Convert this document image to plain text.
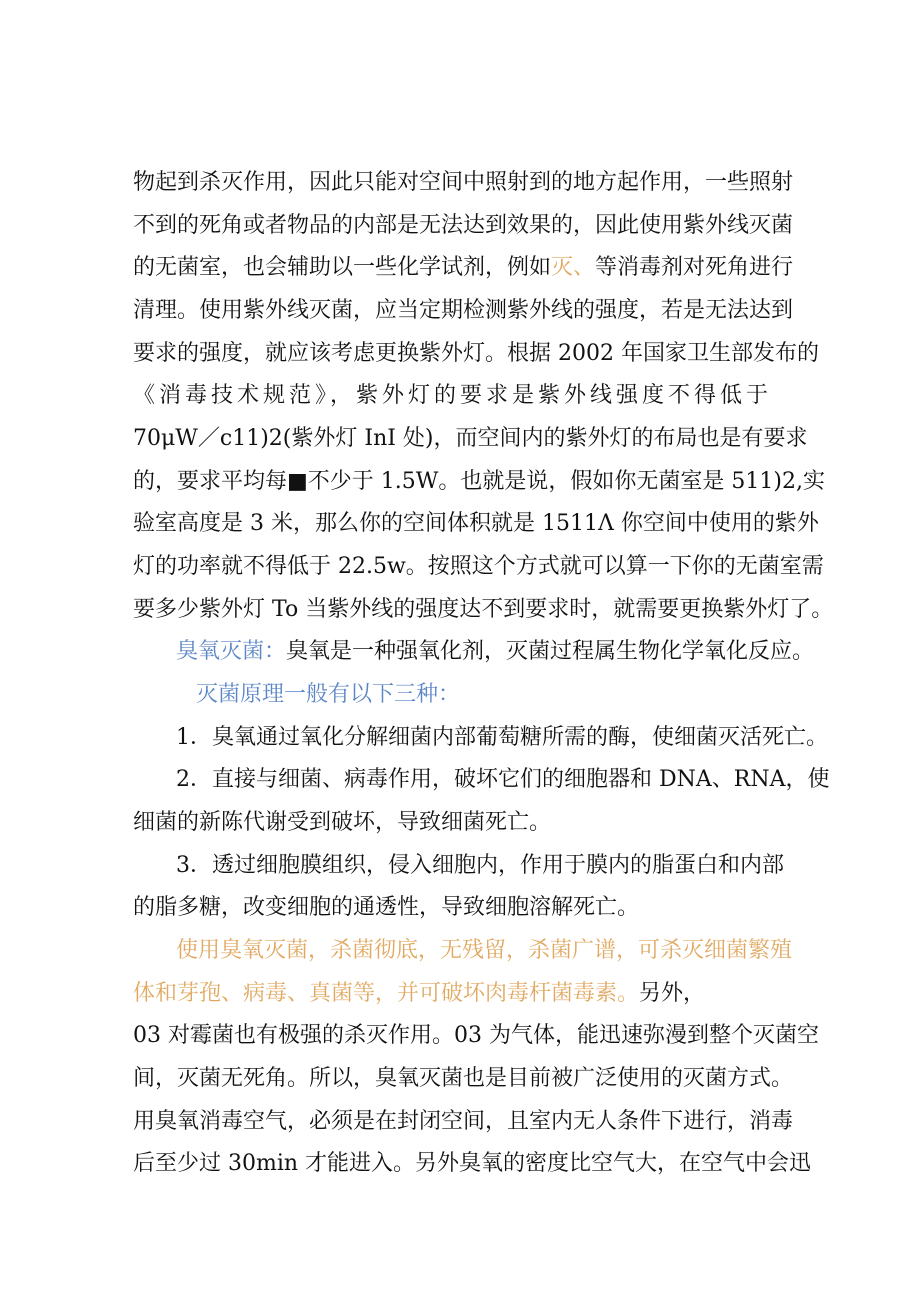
物起到杀灭作用，因此只能对空间中照射到的地方起作用，一些照射
不到的死角或者物品的内部是无法达到效果的，因此使用紫外线灭菌
的无菌室，也会辅助以一些化学试剂，例如灭、等消毒剂对死角进行
清理。使用紫外线灭菌，应当定期检测紫外线的强度，若是无法达到
要求的强度，就应该考虑更换紫外灯。根据 2002 年国家卫生部发布的
《消毒技术规范》，紫外灯的要求是紫外线强度不得低于
70μW／c11)2(紫外灯 InI 处)，而空间内的紫外灯的布局也是有要求
的，要求平均每■不少于 1.5W。也就是说，假如你无菌室是 511)2,实
验室高度是 3 米，那么你的空间体积就是 1511Λ 你空间中使用的紫外
灯的功率就不得低于 22.5w。按照这个方式就可以算一下你的无菌室需
要多少紫外灯 To 当紫外线的强度达不到要求时，就需要更换紫外灯了。
臭氧灭菌：臭氧是一种强氧化剂，灭菌过程属生物化学氧化反应。
灭菌原理一般有以下三种：
1．臭氧通过氧化分解细菌内部葡萄糖所需的酶，使细菌灭活死亡。
2．直接与细菌、病毒作用，破坏它们的细胞器和 DNA、RNA，使
细菌的新陈代谢受到破坏，导致细菌死亡。
3．透过细胞膜组织，侵入细胞内，作用于膜内的脂蛋白和内部
的脂多糖，改变细胞的通透性，导致细胞溶解死亡。
使用臭氧灭菌，杀菌彻底，无残留，杀菌广谱，可杀灭细菌繁殖
体和芽孢、病毒、真菌等，并可破坏肉毒杆菌毒素。另外，
03 对霉菌也有极强的杀灭作用。03 为气体，能迅速弥漫到整个灭菌空
间，灭菌无死角。所以，臭氧灭菌也是目前被广泛使用的灭菌方式。
用臭氧消毒空气，必须是在封闭空间，且室内无人条件下进行，消毒
后至少过 30min 才能进入。另外臭氧的密度比空气大，在空气中会迅
